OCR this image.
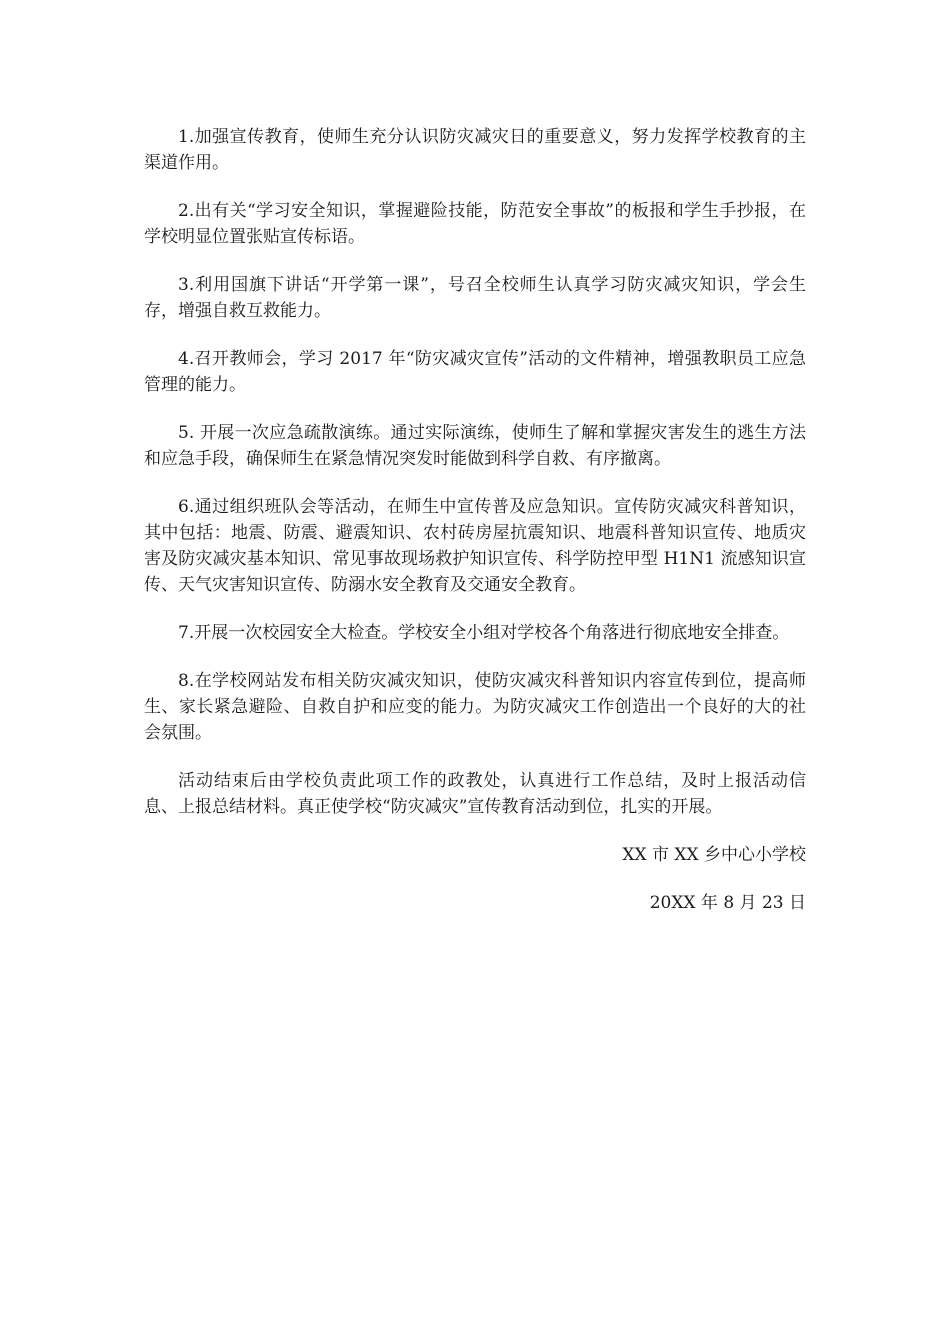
1.加强宣传教育，使师生充分认识防灾减灾日的重要意义，努力发挥学校教育的主渠道作用。

2.出有关“学习安全知识，掌握避险技能，防范安全事故”的板报和学生手抄报，在学校明显位置张贴宣传标语。

3.利用国旗下讲话“开学第一课”，号召全校师生认真学习防灾减灾知识，学会生存，增强自救互救能力。

4.召开教师会，学习 2017 年“防灾减灾宣传”活动的文件精神，增强教职员工应急管理的能力。

5. 开展一次应急疏散演练。通过实际演练，使师生了解和掌握灾害发生的逃生方法和应急手段，确保师生在紧急情况突发时能做到科学自救、有序撤离。

6.通过组织班队会等活动，在师生中宣传普及应急知识。宣传防灾减灾科普知识，其中包括：地震、防震、避震知识、农村砖房屋抗震知识、地震科普知识宣传、地质灾害及防灾减灾基本知识、常见事故现场救护知识宣传、科学防控甲型 H1N1 流感知识宣传、天气灾害知识宣传、防溺水安全教育及交通安全教育。

7.开展一次校园安全大检查。学校安全小组对学校各个角落进行彻底地安全排查。

8.在学校网站发布相关防灾减灾知识，使防灾减灾科普知识内容宣传到位，提高师生、家长紧急避险、自救自护和应变的能力。为防灾减灾工作创造出一个良好的大的社会氛围。

活动结束后由学校负责此项工作的政教处，认真进行工作总结，及时上报活动信息、上报总结材料。真正使学校“防灾减灾”宣传教育活动到位，扎实的开展。

XX 市 XX 乡中心小学校

20XX 年 8 月 23 日
